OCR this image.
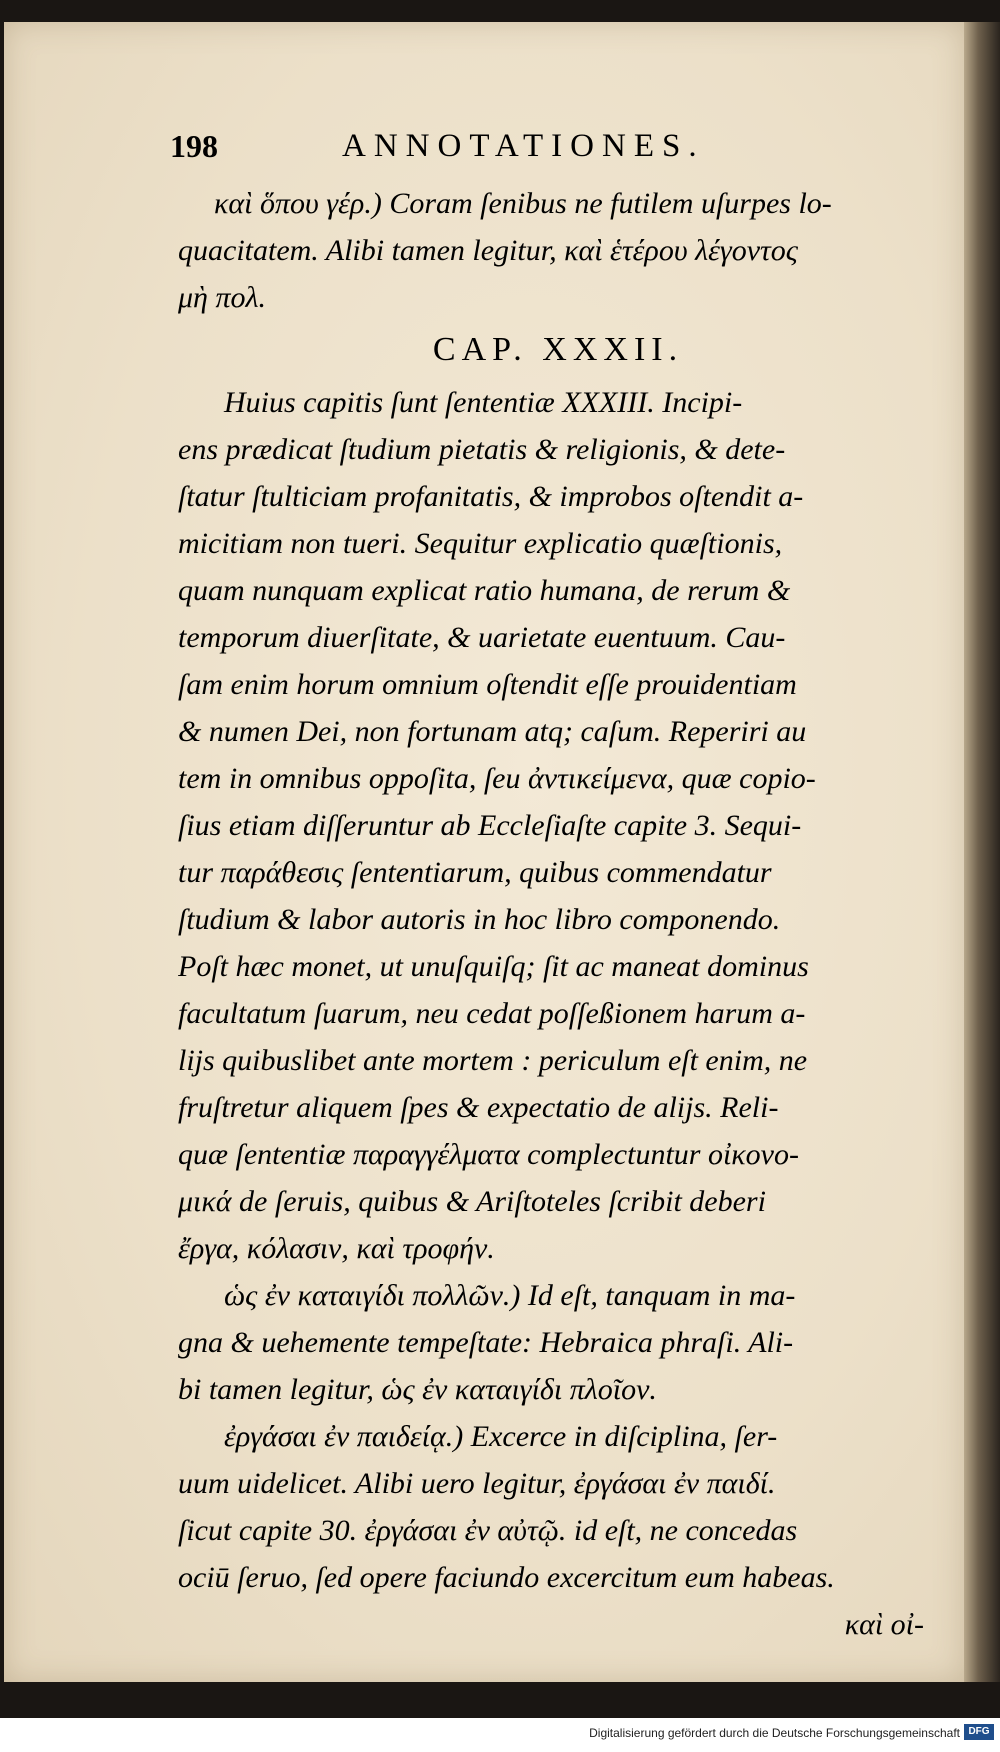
198	ANNOTATIONES.
καὶ ὅπου γέρ.) Coram ſenibus ne futilem uſurpes lo-
quacitatem. Alibi tamen legitur, καὶ ἑτέρου λέγοντος
μὴ πολ.
CAP. XXXII.
Huius capitis ſunt ſententiæ XXXIII. Incipi-
ens prædicat ſtudium pietatis & religionis, & dete-
ſtatur ſtulticiam profanitatis, & improbos oſtendit a-
micitiam non tueri. Sequitur explicatio quæſtionis,
quam nunquam explicat ratio humana, de rerum &
temporum diuerſitate, & uarietate euentuum. Cau-
ſam enim horum omnium oſtendit eſſe prouidentiam
& numen Dei, non fortunam atq; caſum. Reperiri au
tem in omnibus oppoſita, ſeu ἀντικείμενα, quæ copio-
ſius etiam diſſeruntur ab Eccleſiaſte capite 3. Sequi-
tur παράθεσις ſententiarum, quibus commendatur
ſtudium & labor autoris in hoc libro componendo.
Poſt hæc monet, ut unuſquiſq; ſit ac maneat dominus
facultatum ſuarum, neu cedat poſſeßionem harum a-
lijs quibuslibet ante mortem : periculum eſt enim, ne
fruſtretur aliquem ſpes & expectatio de alijs. Reli-
quæ ſententiæ παραγγέλματα complectuntur οἰκονο-
μικά de ſeruis, quibus & Ariſtoteles ſcribit deberi
ἔργα, κόλασιν, καὶ τροφήν.
ὡς ἐν καταιγίδι πολλῶν.) Id eſt, tanquam in ma-
gna & uehemente tempeſtate: Hebraica phraſi. Ali-
bi tamen legitur, ὡς ἐν καταιγίδι πλοῖον.
ἐργάσαι ἐν παιδείᾳ.) Excerce in diſciplina, ſer-
uum uidelicet. Alibi uero legitur, ἐργάσαι ἐν παιδί.
ſicut capite 30. ἐργάσαι ἐν αὐτῷ. id eſt, ne concedas
ociū ſeruo, ſed opere faciundo excercitum eum habeas.
καὶ οἰ-
Digitalisierung gefördert durch die Deutsche Forschungsgemeinschaft DFG
